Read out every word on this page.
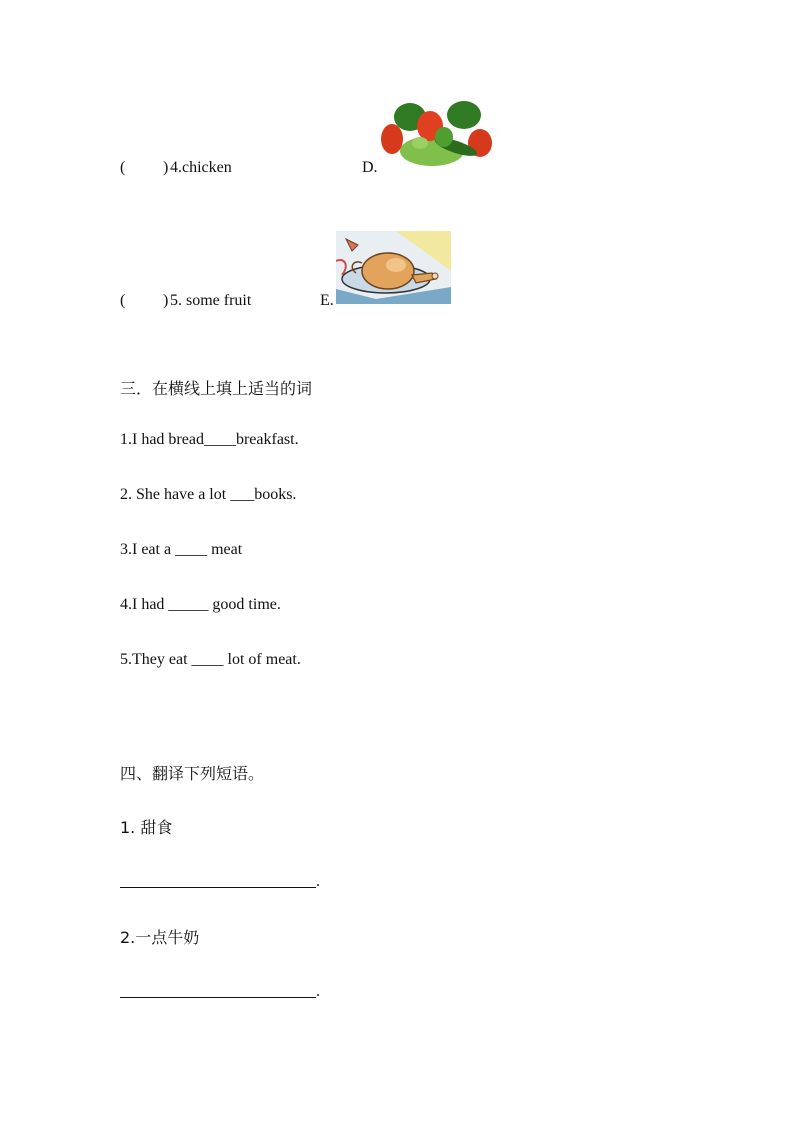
( ) 4.chicken	D.
( ) 5. some fruit	E.
三．在横线上填上适当的词
1.I had bread____breakfast.
2. She have a lot ___books.
3.I eat a ____ meat
4.I had _____ good time.
5.They eat ____ lot of meat.
四、翻译下列短语。
1. 甜食
.
2.一点牛奶
.
